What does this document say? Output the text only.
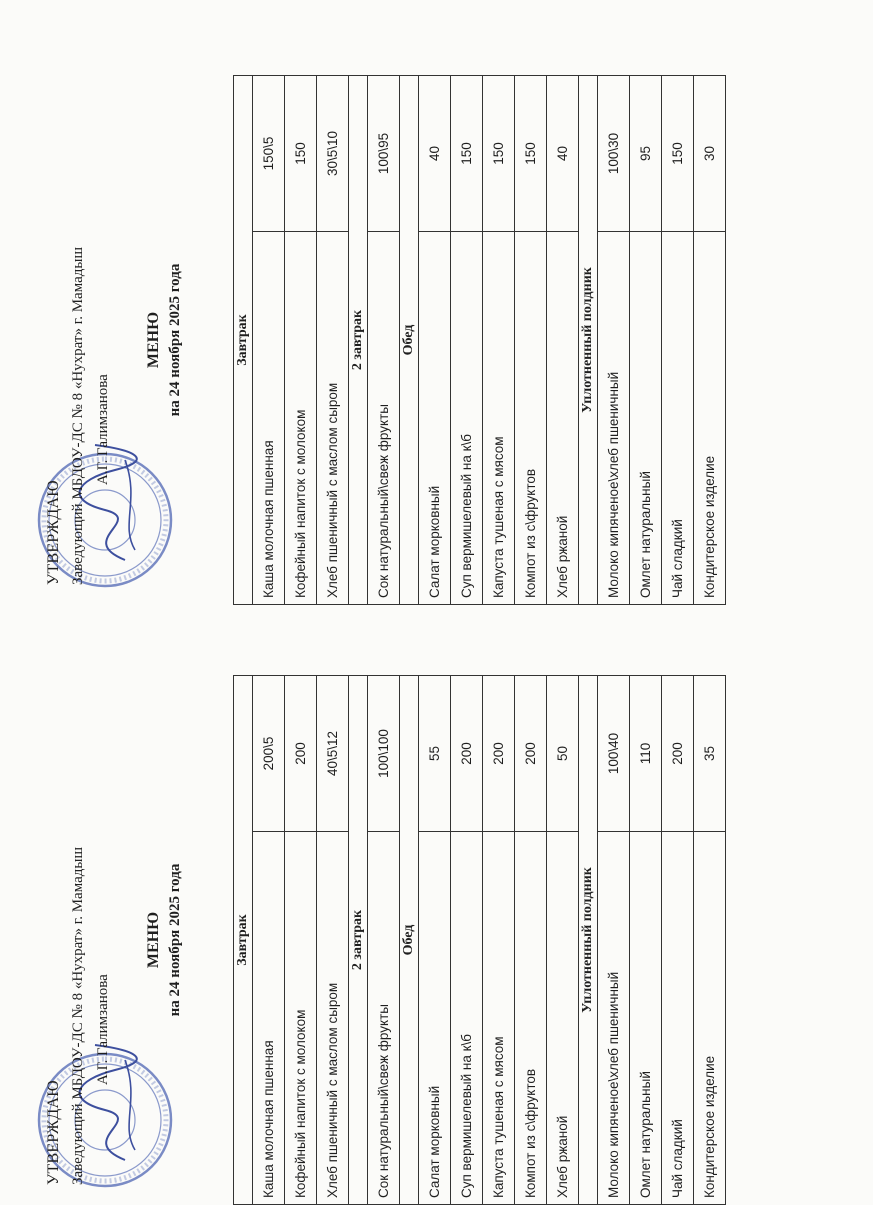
УТВЕРЖДАЮ Заведующий МБДОУ-ДС № 8 «Нухрат» г. Мамадыш А.Г. Галимзанова
МЕНЮ на 24 ноября 2025 года	Завтрак	
Каша молочная пшенная	150\5
Кофейный напиток с молоком	150
Хлеб пшеничный с маслом сыром	30\5\10
2 завтрак	
Сок натуральный\свеж фрукты	100\95
Обед	
Салат морковный	40
Суп вермишелевый на к\б	150
Капуста тушеная с мясом	150
Компот из с\фруктов	150
Хлеб ржаной	40
Уплотненный полдник	
Молоко кипяченое\хлеб пшеничный	100\30
Омлет натуральный	95
Чай сладкий	150
Кондитерское изделие	30
УТВЕРЖДАЮ Заведующий МБДОУ-ДС № 8 «Нухрат» г. Мамадыш А.Г. Галимзанова
МЕНЮ на 24 ноября 2025 года	Завтрак	
Каша молочная пшенная	200\5
Кофейный напиток с молоком	200
Хлеб пшеничный с маслом сыром	40\5\12
2 завтрак	
Сок натуральный\свеж фрукты	100\100
Обед	
Салат морковный	55
Суп вермишелевый на к\б	200
Капуста тушеная с мясом	200
Компот из с\фруктов	200
Хлеб ржаной	50
Уплотненный полдник	
Молоко кипяченое\хлеб пшеничный	100\40
Омлет натуральный	110
Чай сладкий	200
Кондитерское изделие	35
